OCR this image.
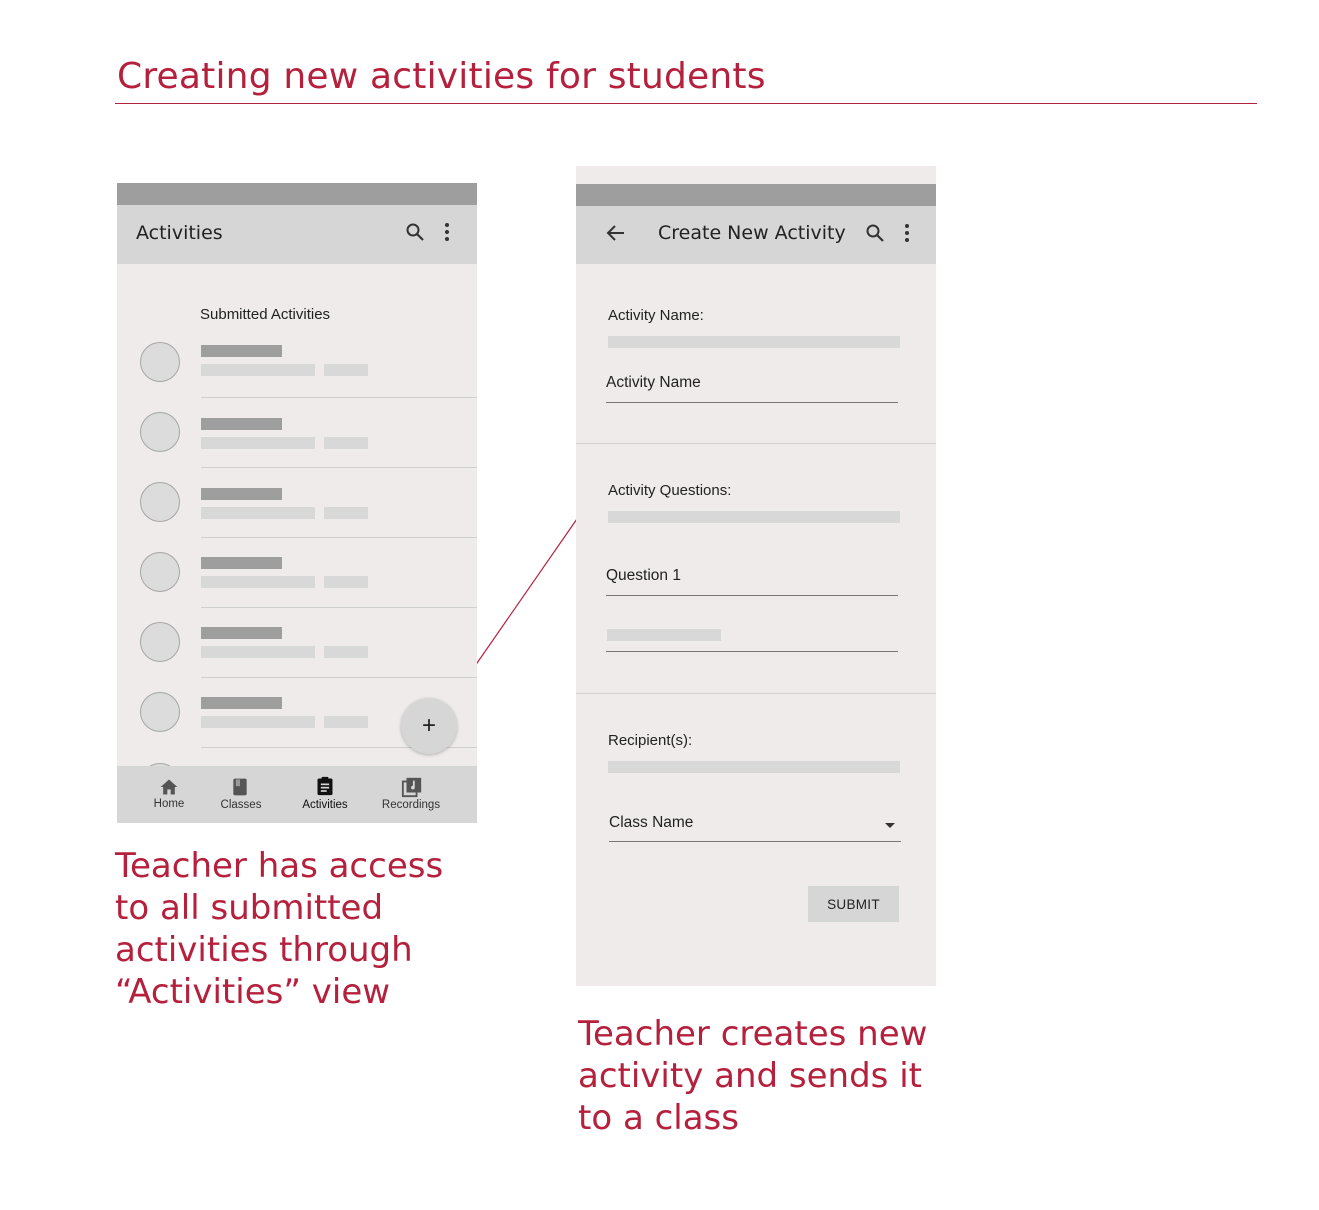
Creating new activities for students
Activities
Submitted Activities
+
Home	Classes	Activities	Recordings
Teacher has access to all submitted activities through “Activities” view
Create New Activity
Activity Name:
Activity Name
Activity Questions:
Question 1
Recipient(s):
Class Name
SUBMIT
Teacher creates new activity and sends it to a class
